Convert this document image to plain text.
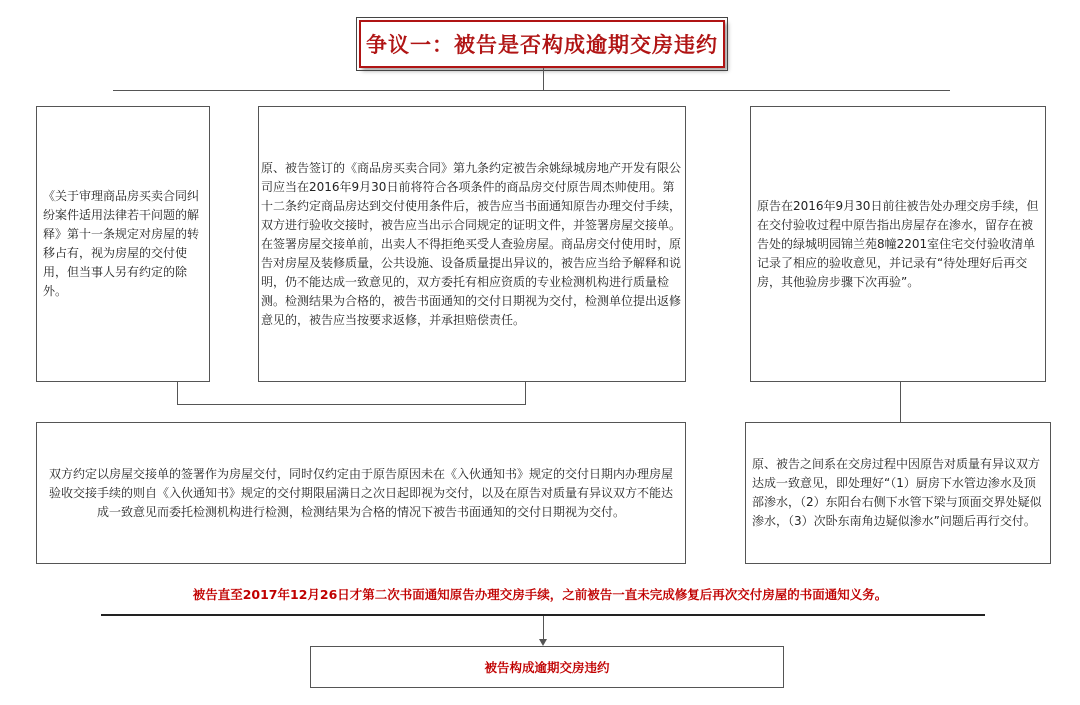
争议一：被告是否构成逾期交房违约

《关于审理商品房买卖合同纠纷案件适用法律若干问题的解释》第十一条规定对房屋的转移占有，视为房屋的交付使用，但当事人另有约定的除外。

原、被告签订的《商品房买卖合同》第九条约定被告余姚绿城房地产开发有限公司应当在2016年9月30日前将符合各项条件的商品房交付原告周杰帅使用。第十二条约定商品房达到交付使用条件后，被告应当书面通知原告办理交付手续，双方进行验收交接时，被告应当出示合同规定的证明文件，并签署房屋交接单。在签署房屋交接单前，出卖人不得拒绝买受人查验房屋。商品房交付使用时，原告对房屋及装修质量，公共设施、设备质量提出异议的，被告应当给予解释和说明，仍不能达成一致意见的，双方委托有相应资质的专业检测机构进行质量检测。检测结果为合格的，被告书面通知的交付日期视为交付，检测单位提出返修意见的，被告应当按要求返修，并承担赔偿责任。

原告在2016年9月30日前往被告处办理交房手续，但在交付验收过程中原告指出房屋存在渗水，留存在被告处的绿城明园锦兰苑8幢2201室住宅交付验收清单记录了相应的验收意见，并记录有“待处理好后再交房，其他验房步骤下次再验”。

双方约定以房屋交接单的签署作为房屋交付，同时仅约定由于原告原因未在《入伙通知书》规定的交付日期内办理房屋验收交接手续的则自《入伙通知书》规定的交付期限届满日之次日起即视为交付，以及在原告对质量有异议双方不能达成一致意见而委托检测机构进行检测，检测结果为合格的情况下被告书面通知的交付日期视为交付。

原、被告之间系在交房过程中因原告对质量有异议双方达成一致意见，即处理好“（1）厨房下水管边渗水及顶部渗水，（2）东阳台右侧下水管下梁与顶面交界处疑似渗水，（3）次卧东南角边疑似渗水”问题后再行交付。

被告直至2017年12月26日才第二次书面通知原告办理交房手续，之前被告一直未完成修复后再次交付房屋的书面通知义务。
被告构成逾期交房违约
